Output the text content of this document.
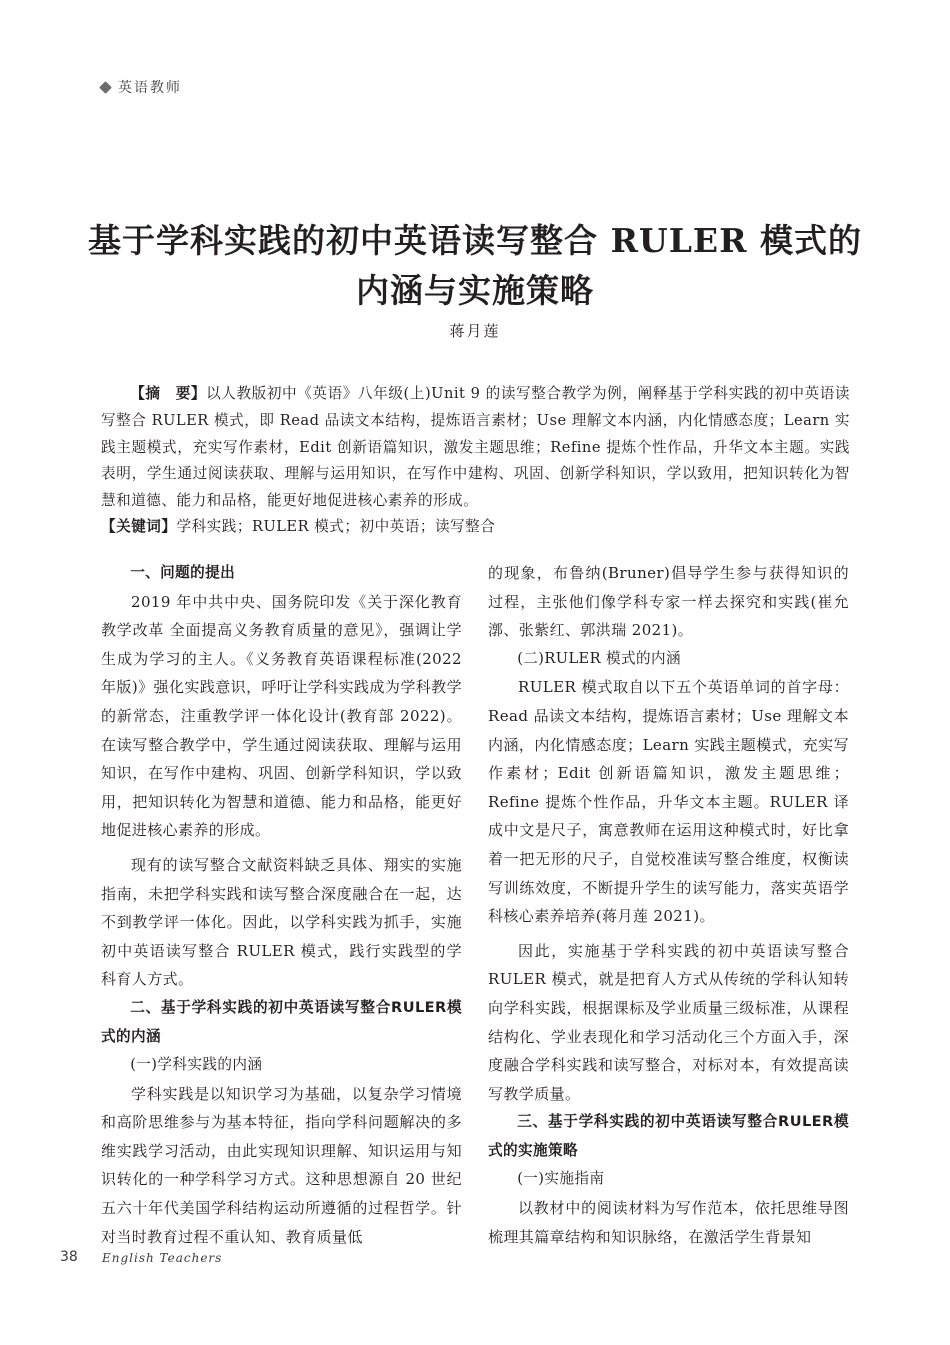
英语教师
基于学科实践的初中英语读写整合 RULER 模式的
内涵与实施策略
蒋月莲

【摘　要】以人教版初中《英语》八年级(上)Unit 9 的读写整合教学为例，阐释基于学科实践的初中英语读写整合 RULER 模式，即 Read 品读文本结构，提炼语言素材；Use 理解文本内涵，内化情感态度；Learn 实践主题模式，充实写作素材，Edit 创新语篇知识，激发主题思维；Refine 提炼个性作品，升华文本主题。实践表明，学生通过阅读获取、理解与运用知识，在写作中建构、巩固、创新学科知识，学以致用，把知识转化为智慧和道德、能力和品格，能更好地促进核心素养的形成。

【关键词】学科实践；RULER 模式；初中英语；读写整合
一、问题的提出

2019 年中共中央、国务院印发《关于深化教育教学改革 全面提高义务教育质量的意见》，强调让学生成为学习的主人。《义务教育英语课程标准(2022 年版)》强化实践意识，呼吁让学科实践成为学科教学的新常态，注重教学评一体化设计(教育部 2022)。在读写整合教学中，学生通过阅读获取、理解与运用知识，在写作中建构、巩固、创新学科知识，学以致用，把知识转化为智慧和道德、能力和品格，能更好地促进核心素养的形成。

现有的读写整合文献资料缺乏具体、翔实的实施指南，未把学科实践和读写整合深度融合在一起，达不到教学评一体化。因此，以学科实践为抓手，实施初中英语读写整合 RULER 模式，践行实践型的学科育人方式。

二、基于学科实践的初中英语读写整合RULER模式的内涵
(一)学科实践的内涵

学科实践是以知识学习为基础，以复杂学习情境和高阶思维参与为基本特征，指向学科问题解决的多维实践学习活动，由此实现知识理解、知识运用与知识转化的一种学科学习方式。这种思想源自 20 世纪五六十年代美国学科结构运动所遵循的过程哲学。针对当时教育过程不重认知、教育质量低

的现象，布鲁纳(Bruner)倡导学生参与获得知识的过程，主张他们像学科专家一样去探究和实践(崔允漷、张紫红、郭洪瑞 2021)。

(二)RULER 模式的内涵

RULER 模式取自以下五个英语单词的首字母：Read 品读文本结构，提炼语言素材；Use 理解文本内涵，内化情感态度；Learn 实践主题模式，充实写作素材；Edit 创新语篇知识，激发主题思维；Refine 提炼个性作品，升华文本主题。RULER 译成中文是尺子，寓意教师在运用这种模式时，好比拿着一把无形的尺子，自觉校准读写整合维度，权衡读写训练效度，不断提升学生的读写能力，落实英语学科核心素养培养(蒋月莲 2021)。

因此，实施基于学科实践的初中英语读写整合 RULER 模式，就是把育人方式从传统的学科认知转向学科实践，根据课标及学业质量三级标准，从课程结构化、学业表现化和学习活动化三个方面入手，深度融合学科实践和读写整合，对标对本，有效提高读写教学质量。

三、基于学科实践的初中英语读写整合RULER模式的实施策略
(一)实施指南

以教材中的阅读材料为写作范本，依托思维导图梳理其篇章结构和知识脉络，在激活学生背景知

38 English Teachers
